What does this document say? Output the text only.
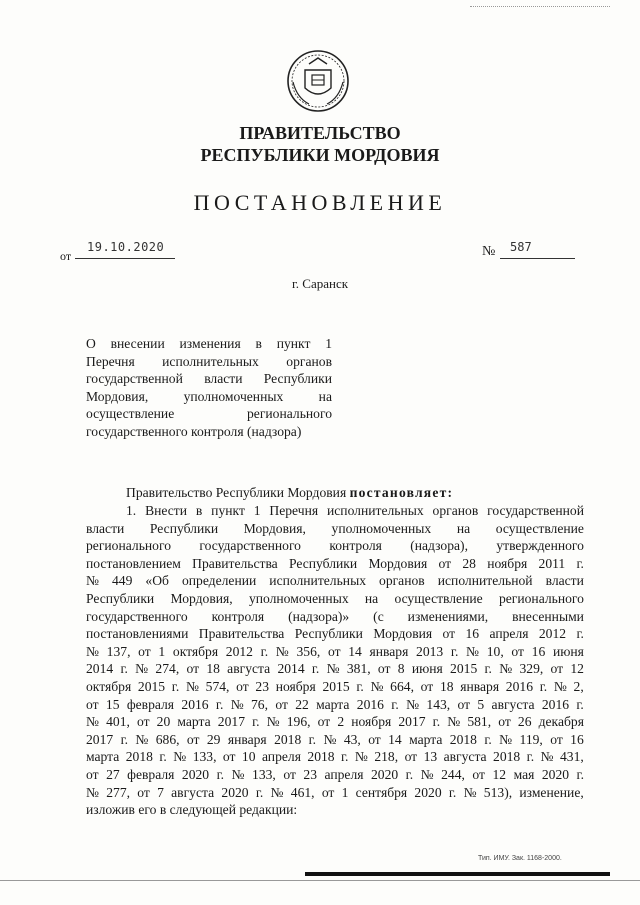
ПРАВИТЕЛЬСТВО
РЕСПУБЛИКИ МОРДОВИЯ
ПОСТАНОВЛЕНИЕ
от
19.10.2020	№ 587
г. Саранск
О внесении изменения в пункт 1
Перечня исполнительных органов
государственной власти Республики
Мордовия,	уполномоченных	на
осуществление	регионального
государственного контроля (надзора)
Правительство Республики Мордовия
постановляет:
1. Внести в пункт 1 Перечня исполнительных органов государственной
власти Республики Мордовия, уполномоченных на осуществление
регионального государственного контроля (надзора), утвержденного
постановлением Правительства Республики Мордовия от 28 ноября 2011 г.
№ 449 «Об определении исполнительных органов исполнительной власти
Республики Мордовия, уполномоченных на осуществление регионального
государственного контроля (надзора)» (с изменениями, внесенными
постановлениями Правительства Республики Мордовия от 16 апреля 2012 г.
№ 137, от 1 октября 2012 г. № 356, от 14 января 2013 г. № 10, от 16 июня
2014 г. № 274, от 18 августа 2014 г. № 381, от 8 июня 2015 г. № 329, от 12
октября 2015 г. № 574, от 23 ноября 2015 г. № 664, от 18 января 2016 г. № 2,
от 15 февраля 2016 г. № 76, от 22 марта 2016 г. № 143, от 5 августа 2016 г.
№ 401, от 20 марта 2017 г. № 196, от 2 ноября 2017 г. № 581, от 26 декабря
2017 г. № 686, от 29 января 2018 г. № 43, от 14 марта 2018 г. № 119, от 16
марта 2018 г. № 133, от 10 апреля 2018 г. № 218, от 13 августа 2018 г. № 431,
от 27 февраля 2020 г. № 133, от 23 апреля 2020 г. № 244, от 12 мая 2020 г.
№ 277, от 7 августа 2020 г. № 461, от 1 сентября 2020 г. № 513), изменение,
изложив его в следующей редакции:
Тип. ИМУ. Зак. 1168-2000.
